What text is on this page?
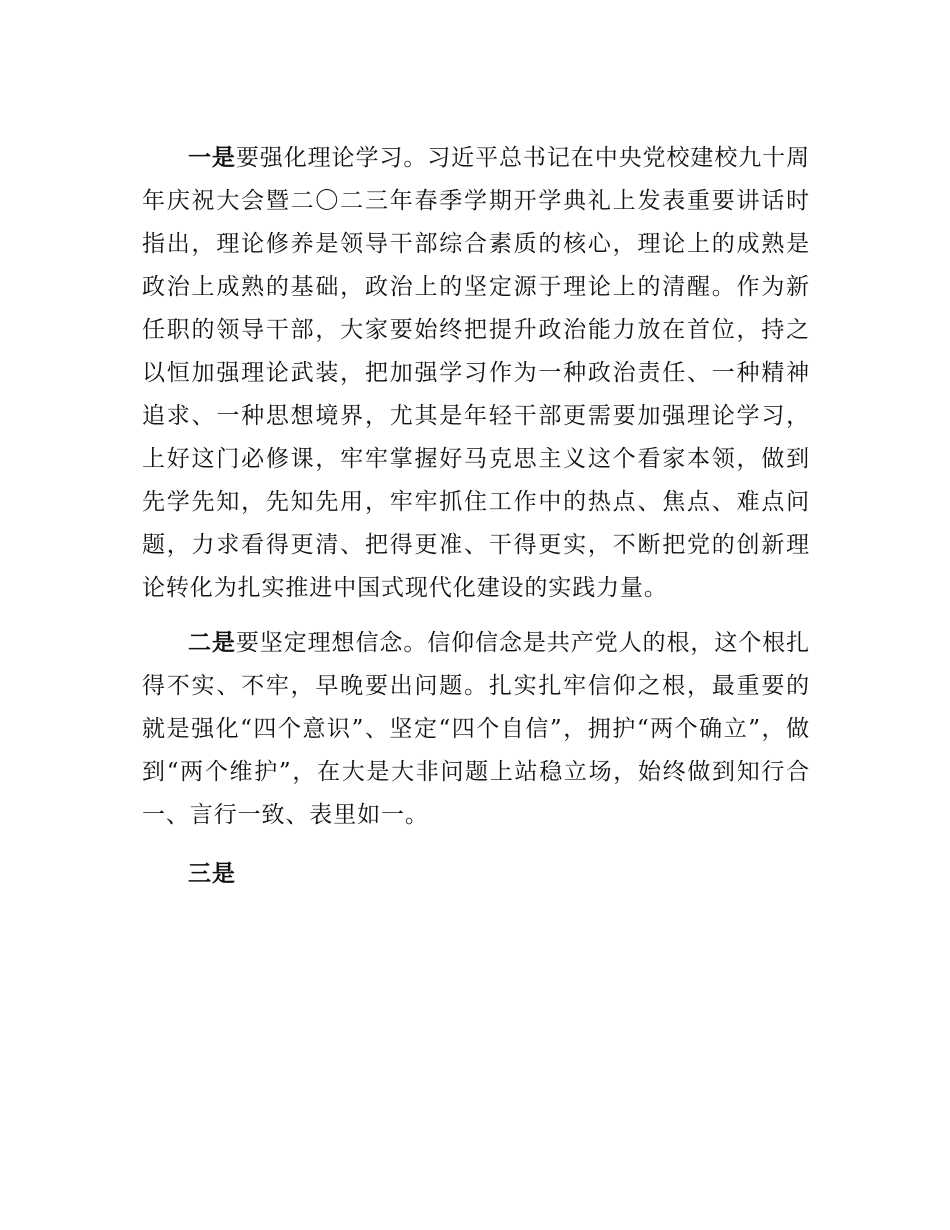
一是要强化理论学习。习近平总书记在中央党校建校九十周年庆祝大会暨二〇二三年春季学期开学典礼上发表重要讲话时指出，理论修养是领导干部综合素质的核心，理论上的成熟是政治上成熟的基础，政治上的坚定源于理论上的清醒。作为新任职的领导干部，大家要始终把提升政治能力放在首位，持之以恒加强理论武装，把加强学习作为一种政治责任、一种精神追求、一种思想境界，尤其是年轻干部更需要加强理论学习，上好这门必修课，牢牢掌握好马克思主义这个看家本领，做到先学先知，先知先用，牢牢抓住工作中的热点、焦点、难点问题，力求看得更清、把得更准、干得更实，不断把党的创新理论转化为扎实推进中国式现代化建设的实践力量。

二是要坚定理想信念。信仰信念是共产党人的根，这个根扎得不实、不牢，早晚要出问题。扎实扎牢信仰之根，最重要的就是强化“四个意识”、坚定“四个自信”，拥护“两个确立”，做到“两个维护”，在大是大非问题上站稳立场，始终做到知行合一、言行一致、表里如一。

三是
